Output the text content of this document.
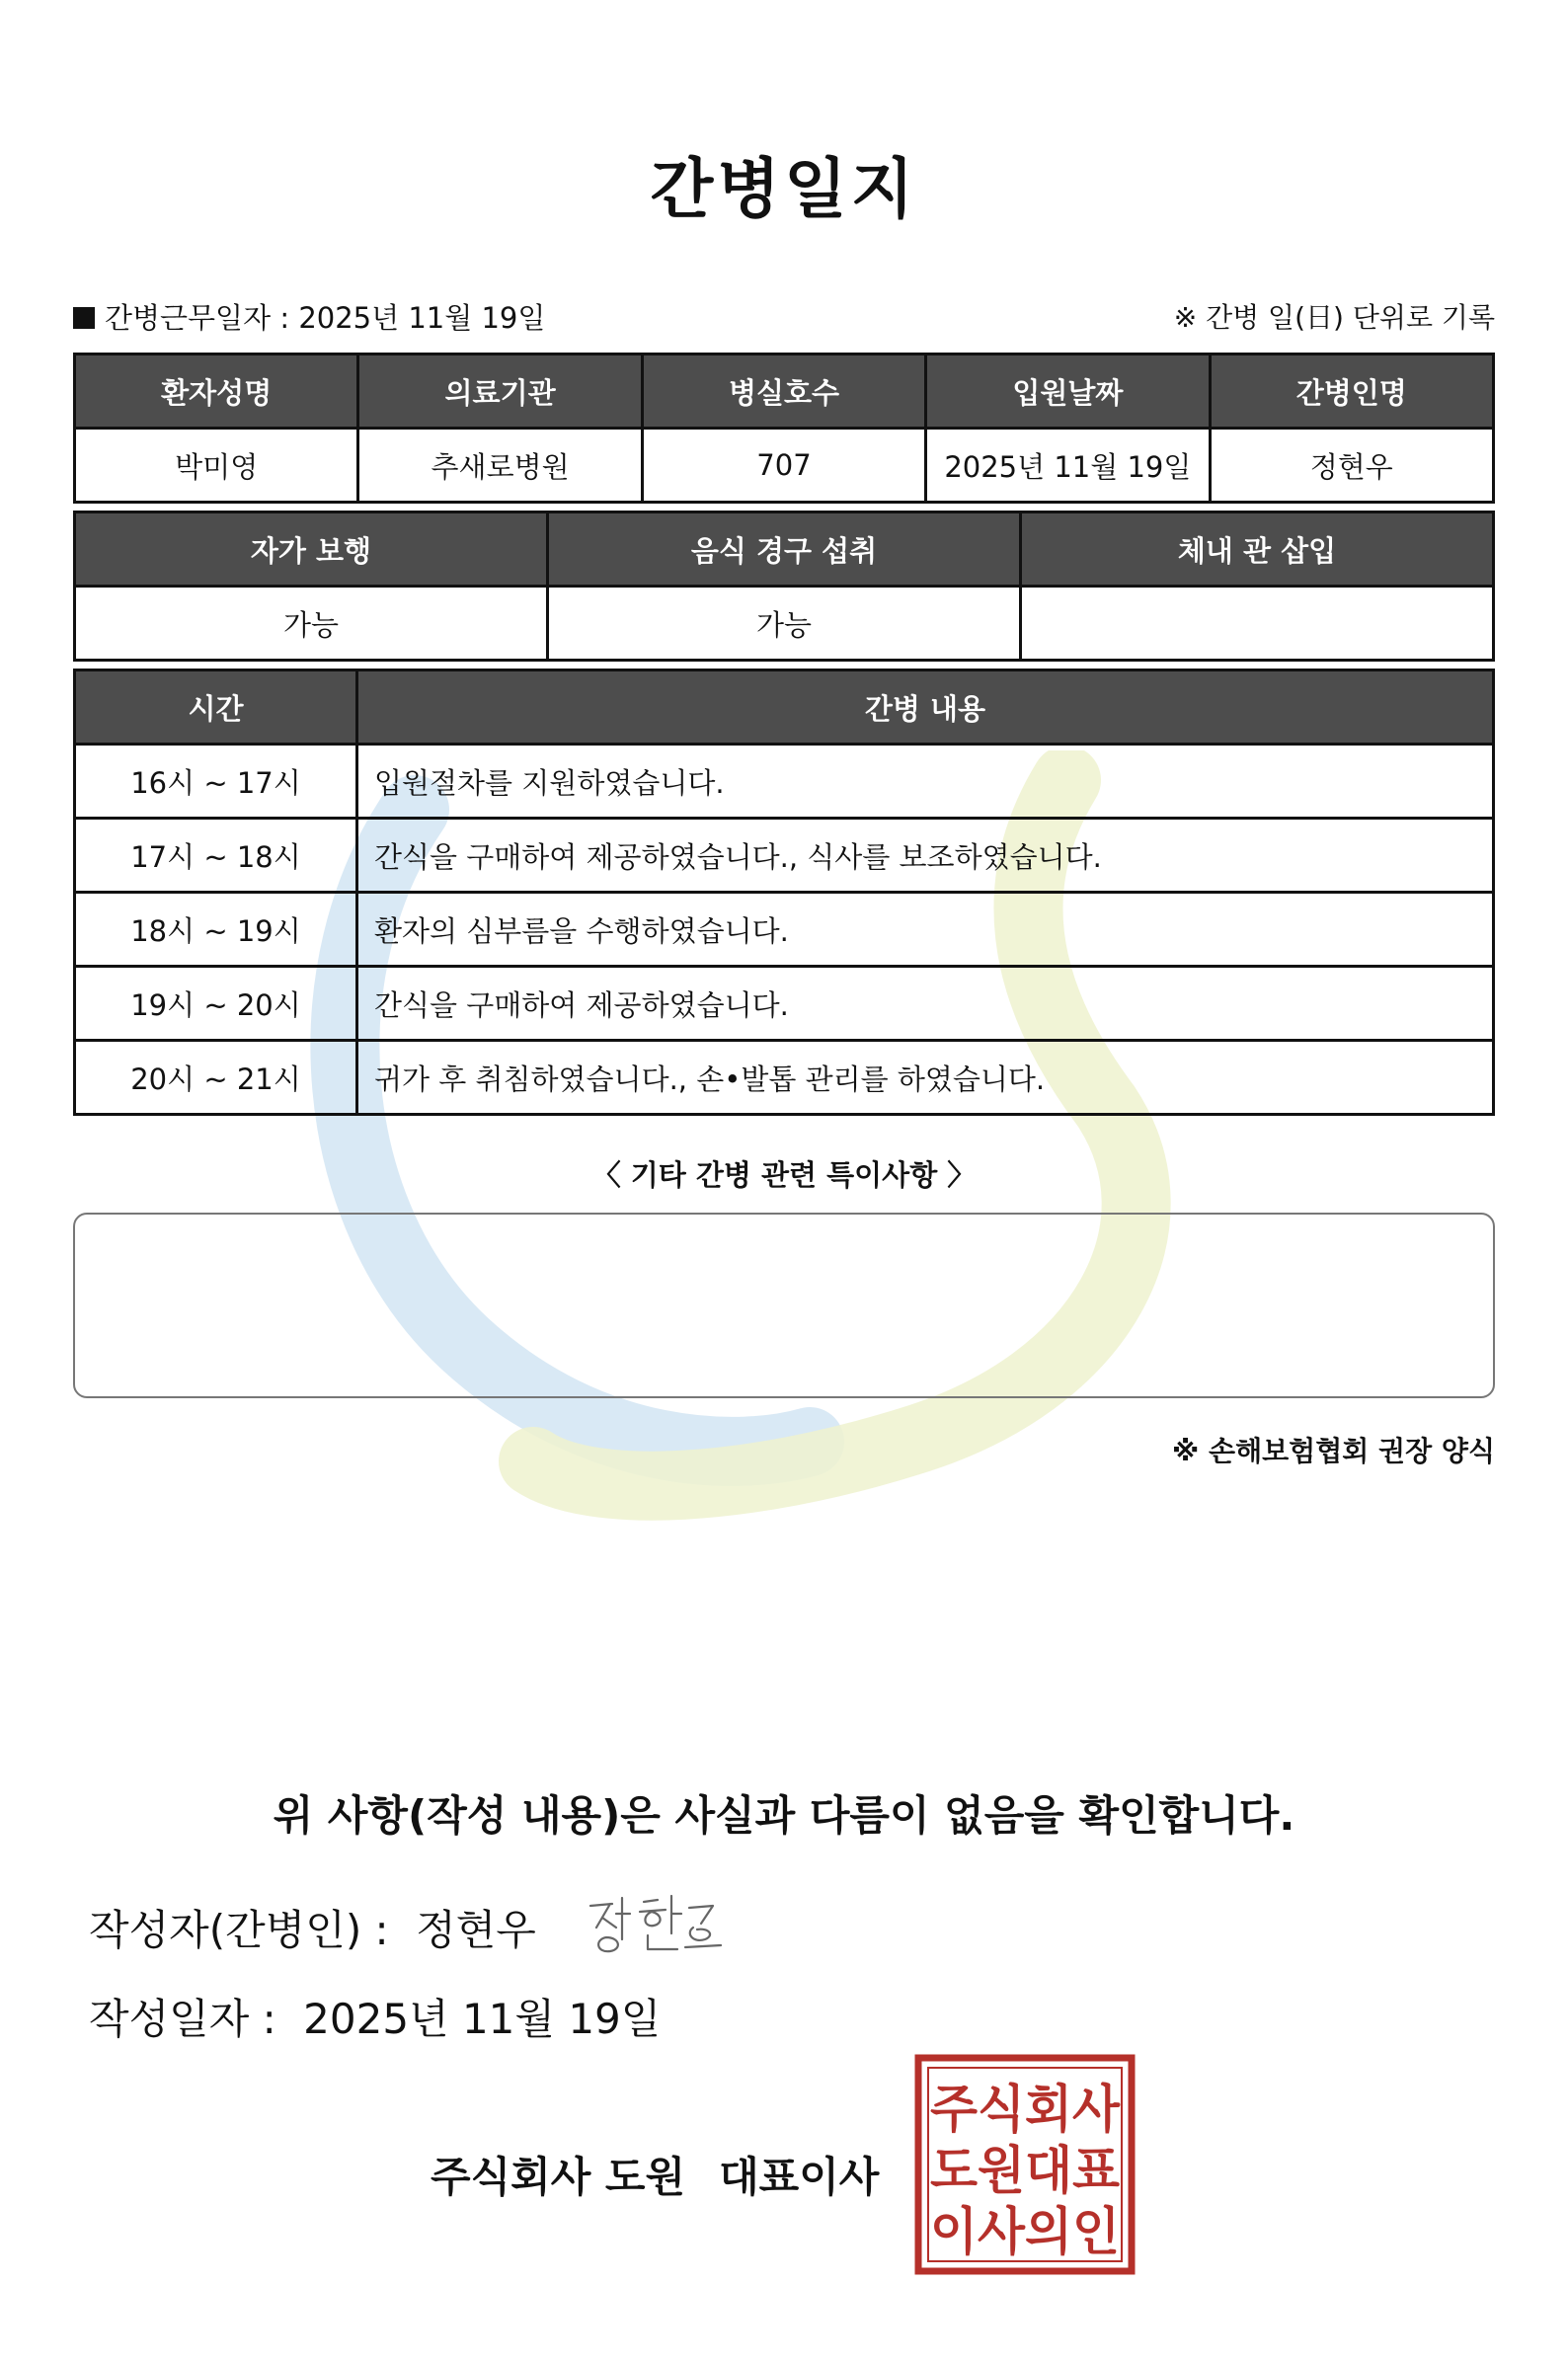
간병일지
간병근무일자 : 2025년 11월 19일	※ 간병 일(日) 단위로 기록
환자성명	의료기관	병실호수	입원날짜	간병인명
박미영	추새로병원	707	2025년 11월 19일	정현우
자가 보행	음식 경구 섭취	체내 관 삽입
가능	가능	
시간	간병 내용
16시 ~ 17시	입원절차를 지원하였습니다.
17시 ~ 18시	간식을 구매하여 제공하였습니다., 식사를 보조하였습니다.
18시 ~ 19시	환자의 심부름을 수행하였습니다.
19시 ~ 20시	간식을 구매하여 제공하였습니다.
20시 ~ 21시	귀가 후 취침하였습니다., 손•발톱 관리를 하였습니다.
〈 기타 간병 관련 특이사항 〉
※ 손해보험협회 권장 양식
위 사항(작성 내용)은 사실과 다름이 없음을 확인합니다.
작성자(간병인) : 정현우
작성일자 : 2025년 11월 19일
주식회사 도원 대표이사
주식회사
도원대표
이사의인
